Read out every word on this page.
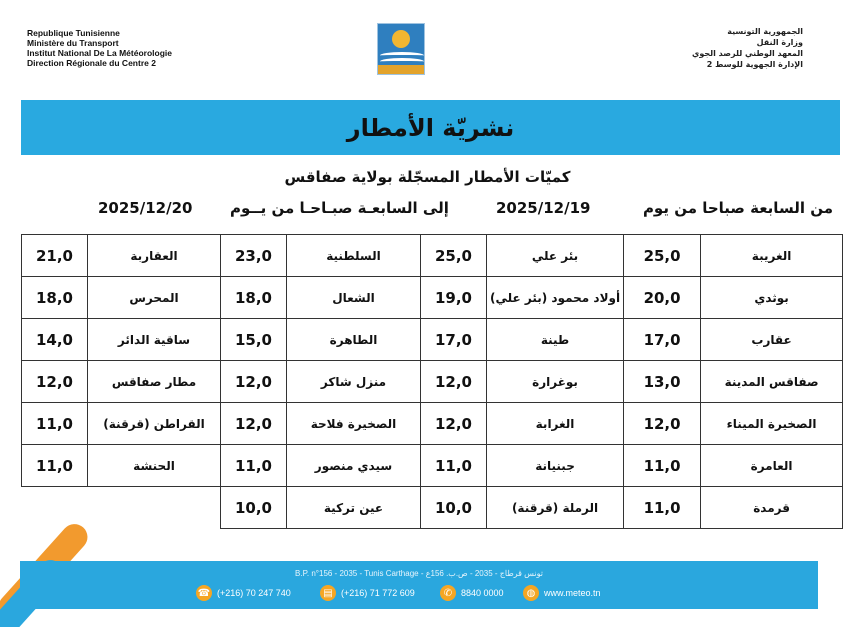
Republique Tunisienne
Ministère du Transport
Institut National De La Météorologie
Direction Régionale du Centre 2
الجمهورية التونسية
وزارة النقل
المعهد الوطني للرصد الجوي
الإدارة الجهوية للوسط 2
نشريّة الأمطار
كميّات الأمطار المسجّلة بولاية صفاقس
من السابعة صباحا من يوم
2025/12/19
إلى السابعـة صبـاحـا من يــوم
2025/12/20
21,0	العقاربة	23,0	السلطنية	25,0	بئر علي	25,0	الغريبة
18,0	المحرس	18,0	الشعال	19,0	أولاد محمود (بئر علي)	20,0	بوثدي
14,0	ساقية الدائر	15,0	الطاهرة	17,0	طينة	17,0	عقارب
12,0	مطار صفاقس	12,0	منزل شاكر	12,0	بوغرارة	13,0	صفاقس المدينة
11,0	القراطن (قرقنة)	12,0	الصخيرة فلاحة	12,0	الغرابة	12,0	الصخيرة الميناء
11,0	الحنشة	11,0	سيدي منصور	11,0	جبنيانة	11,0	العامرة
		10,0	عين تركية	10,0	الرملة (قرقنة)	11,0	قرمدة
B.P. n°156 - 2035 - Tunis Carthage - تونس قرطاج - 2035 - ص.ب. 156ع
☎ (+216) 70 247 740	▤ (+216) 71 772 609	✆ 8840 0000	◍ www.meteo.tn
